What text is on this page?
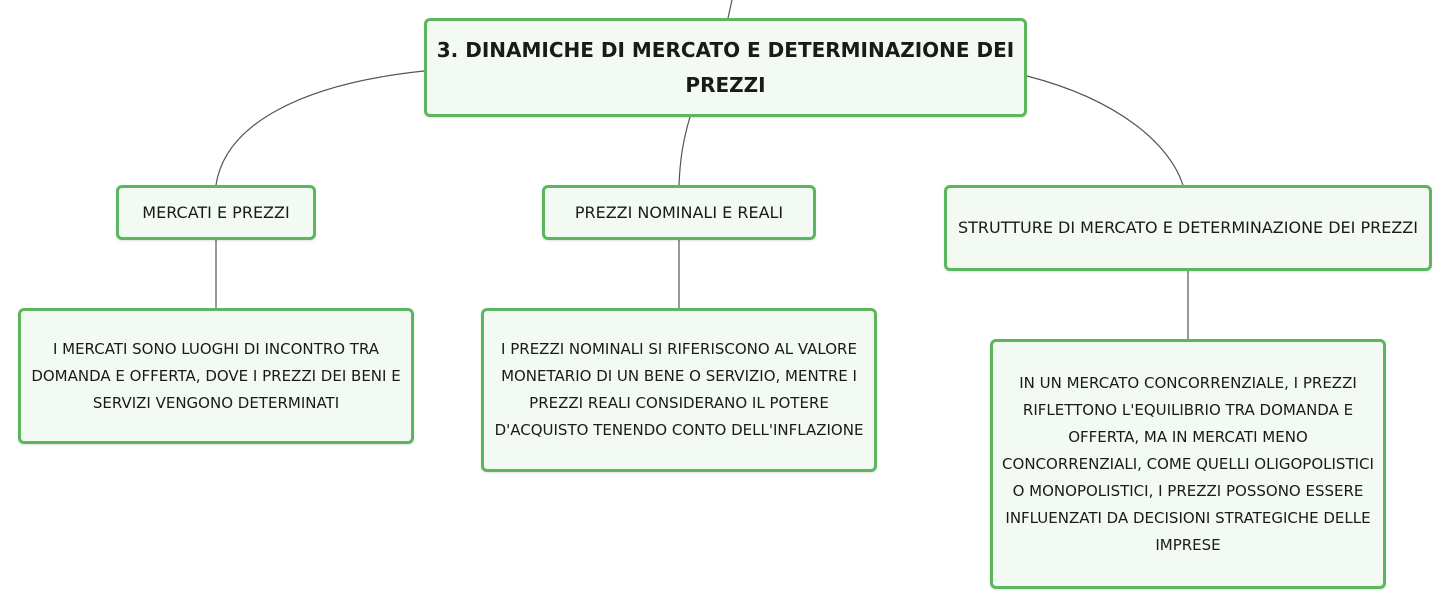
3. DINAMICHE DI MERCATO E DETERMINAZIONE DEI PREZZI
MERCATI E PREZZI	PREZZI NOMINALI E REALI
STRUTTURE DI MERCATO E DETERMINAZIONE DEI PREZZI
I MERCATI SONO LUOGHI DI INCONTRO TRA DOMANDA E OFFERTA, DOVE I PREZZI DEI BENI E SERVIZI VENGONO DETERMINATI
I PREZZI NOMINALI SI RIFERISCONO AL VALORE MONETARIO DI UN BENE O SERVIZIO, MENTRE I PREZZI REALI CONSIDERANO IL POTERE D'ACQUISTO TENENDO CONTO DELL'INFLAZIONE
IN UN MERCATO CONCORRENZIALE, I PREZZI RIFLETTONO L'EQUILIBRIO TRA DOMANDA E OFFERTA, MA IN MERCATI MENO CONCORRENZIALI, COME QUELLI OLIGOPOLISTICI O MONOPOLISTICI, I PREZZI POSSONO ESSERE INFLUENZATI DA DECISIONI STRATEGICHE DELLE IMPRESE
